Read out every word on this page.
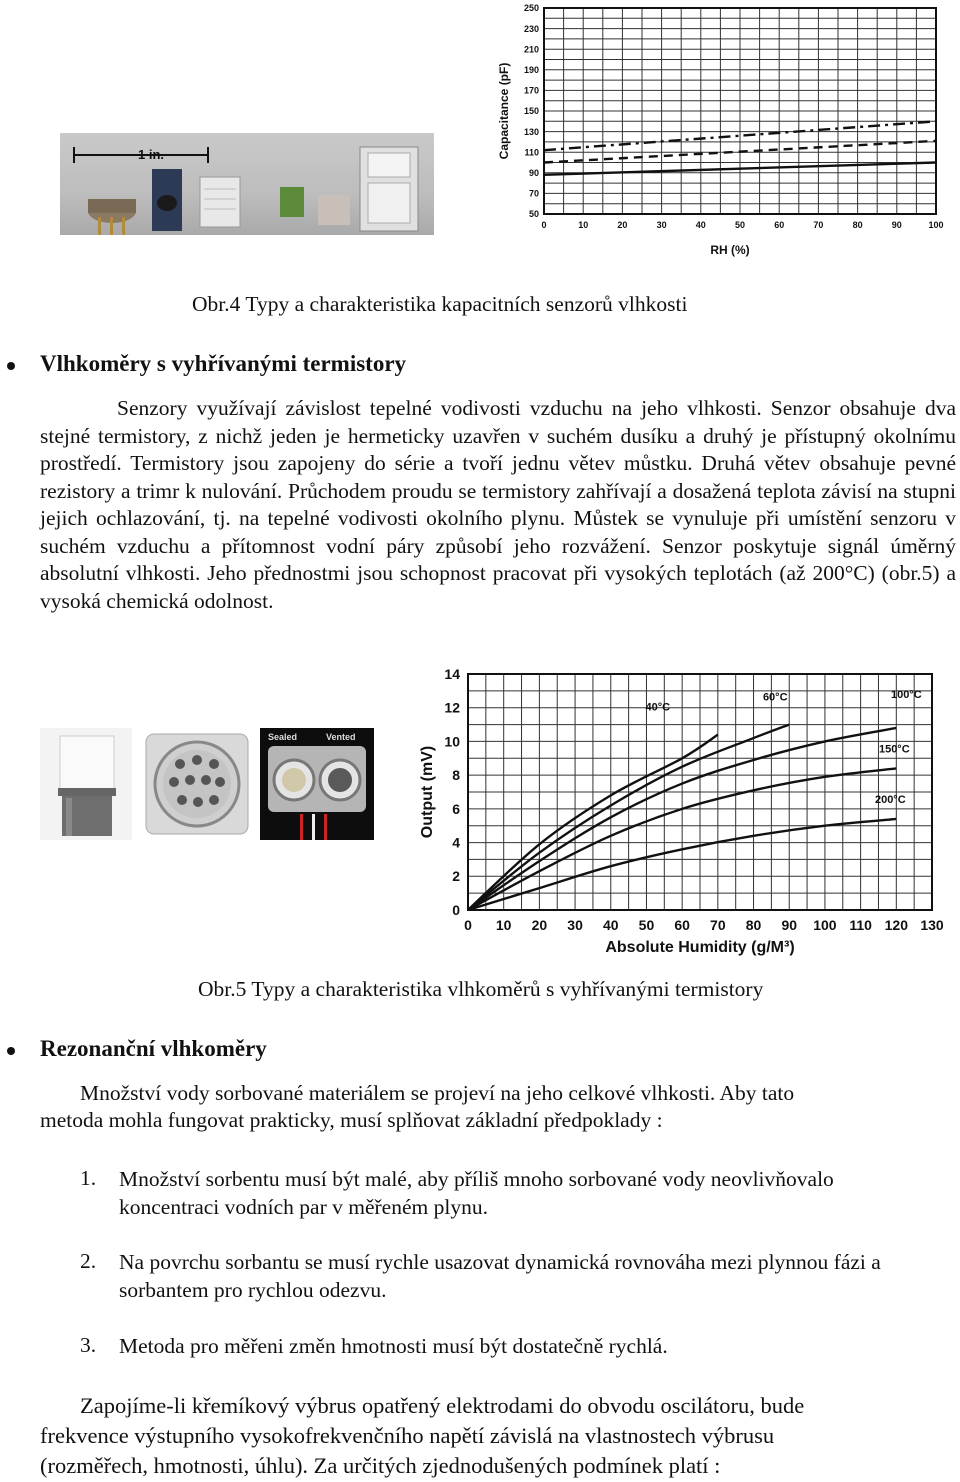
1 in.
0	10	20	30	40	50	60	70	80	90	100
50
70
90
110
130
150
170
190
210
230
250
RH (%)
Capacitance (pF)
Obr.4 Typy a charakteristika kapacitních senzorů vlhkosti
Vlhkoměry s vyhřívanými termistory
Senzory využívají závislost tepelné vodivosti vzduchu na jeho vlhkosti. Senzor obsahuje dva stejné termistory, z nichž jeden je hermeticky uzavřen v suchém dusíku a druhý je přístupný okolnímu prostředí. Termistory jsou zapojeny do série a tvoří jednu větev můstku. Druhá větev obsahuje pevné rezistory a trimr k nulování. Průchodem proudu se termistory zahřívají a dosažená teplota závisí na stupni jejich ochlazování, tj. na tepelné vodivosti okolního plynu. Můstek se vynuluje při umístění senzoru v suchém vzduchu a přítomnost vodní páry způsobí jeho rozvážení. Senzor poskytuje signál úměrný absolutní vlhkosti. Jeho přednostmi jsou schopnost pracovat při vysokých teplotách (až 200°C) (obr.5) a vysoká chemická odolnost.
Sealed	Vented
0 10 20 30 40 50 60 70 80 90 100 110 120 130
0
2
4
6
8
10
12
14
Absolute Humidity (g/M³)
Output (mV)
40°C
60°C	100°C
150°C
200°C
Obr.5 Typy a charakteristika vlhkoměrů s vyhřívanými termistory
Rezonanční vlhkoměry
Množství vody sorbované materiálem se projeví na jeho celkové vlhkosti. Aby tato
metoda mohla fungovat prakticky, musí splňovat základní předpoklady :
1. Množství sorbentu musí být malé, aby příliš mnoho sorbované vody neovlivňovalo koncentraci vodních par v měřeném plynu.
2. Na povrchu sorbantu se musí rychle usazovat dynamická rovnováha mezi plynnou fázi a sorbantem pro rychlou odezvu.
3. Metoda pro měřeni změn hmotnosti musí být dostatečně rychlá.
Zapojíme-li křemíkový výbrus opatřený elektrodami do obvodu oscilátoru, bude
frekvence výstupního vysokofrekvenčního napětí závislá na vlastnostech výbrusu
(rozměřech, hmotnosti, úhlu). Za určitých zjednodušených podmínek platí :
